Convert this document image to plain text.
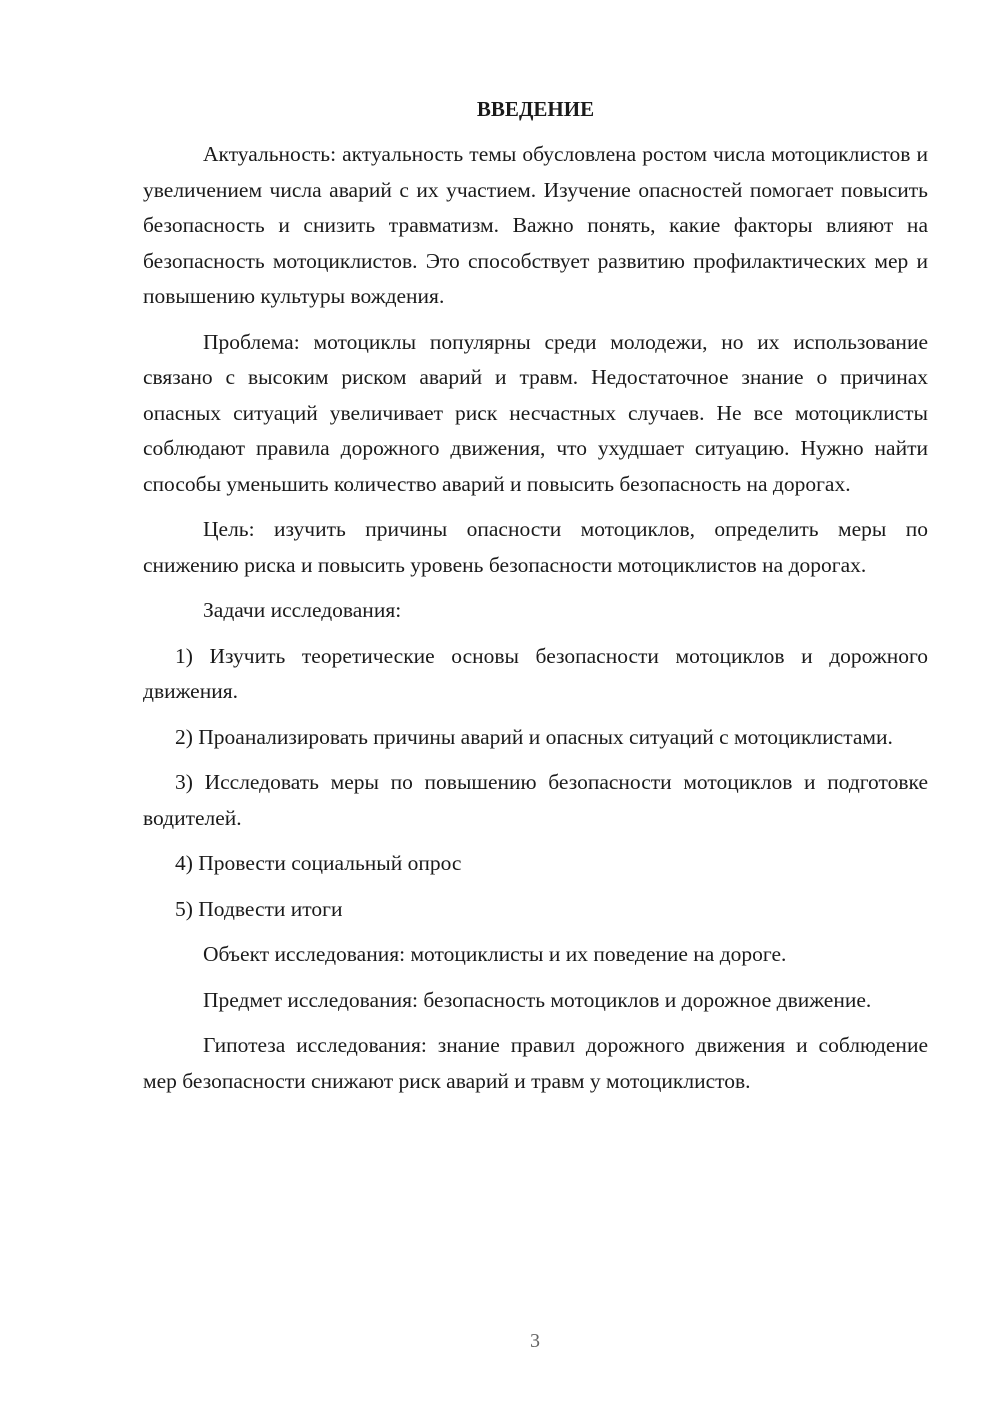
ВВЕДЕНИЕ

Актуальность: актуальность темы обусловлена ростом числа мотоциклистов и увеличением числа аварий с их участием. Изучение опасностей помогает повысить безопасность и снизить травматизм. Важно понять, какие факторы влияют на безопасность мотоциклистов. Это способствует развитию профилактических мер и повышению культуры вождения.

Проблема: мотоциклы популярны среди молодежи, но их использование связано с высоким риском аварий и травм. Недостаточное знание о причинах опасных ситуаций увеличивает риск несчастных случаев. Не все мотоциклисты соблюдают правила дорожного движения, что ухудшает ситуацию. Нужно найти способы уменьшить количество аварий и повысить безопасность на дорогах.

Цель: изучить причины опасности мотоциклов, определить меры по снижению риска и повысить уровень безопасности мотоциклистов на дорогах.

Задачи исследования:

1) Изучить теоретические основы безопасности мотоциклов и дорожного движения.

2) Проанализировать причины аварий и опасных ситуаций с мотоциклистами.

3) Исследовать меры по повышению безопасности мотоциклов и подготовке водителей.

4) Провести социальный опрос

5) Подвести итоги

Объект исследования: мотоциклисты и их поведение на дороге.

Предмет исследования: безопасность мотоциклов и дорожное движение.

Гипотеза исследования: знание правил дорожного движения и соблюдение мер безопасности снижают риск аварий и травм у мотоциклистов.

3
